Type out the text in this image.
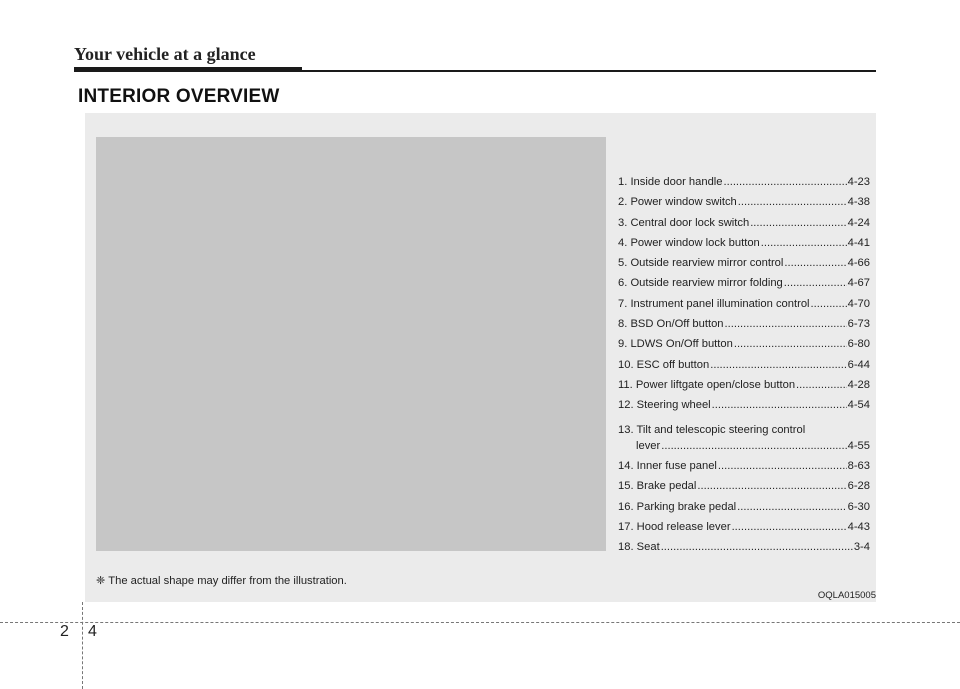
Your vehicle at a glance
INTERIOR OVERVIEW
1. Inside door handle .....	4-23
2. Power window switch .....	4-38
3. Central door lock switch .....	4-24
4. Power window lock button .....	4-41
5. Outside rearview mirror control .....	4-66
6. Outside rearview mirror folding .....	4-67
7. Instrument panel illumination control .....	4-70
8. BSD On/Off button .....	6-73
9. LDWS On/Off button .....	6-80
10. ESC off button .....	6-44
11. Power liftgate open/close button .....	4-28
12. Steering wheel .....	4-54
13. Tilt and telescopic steering control
lever .....	4-55
14. Inner fuse panel .....	8-63
15. Brake pedal .....	6-28
16. Parking brake pedal .....	6-30
17. Hood release lever .....	4-43
18. Seat .....	3-4
❈ The actual shape may differ from the illustration.
OQLA015005
2 4
